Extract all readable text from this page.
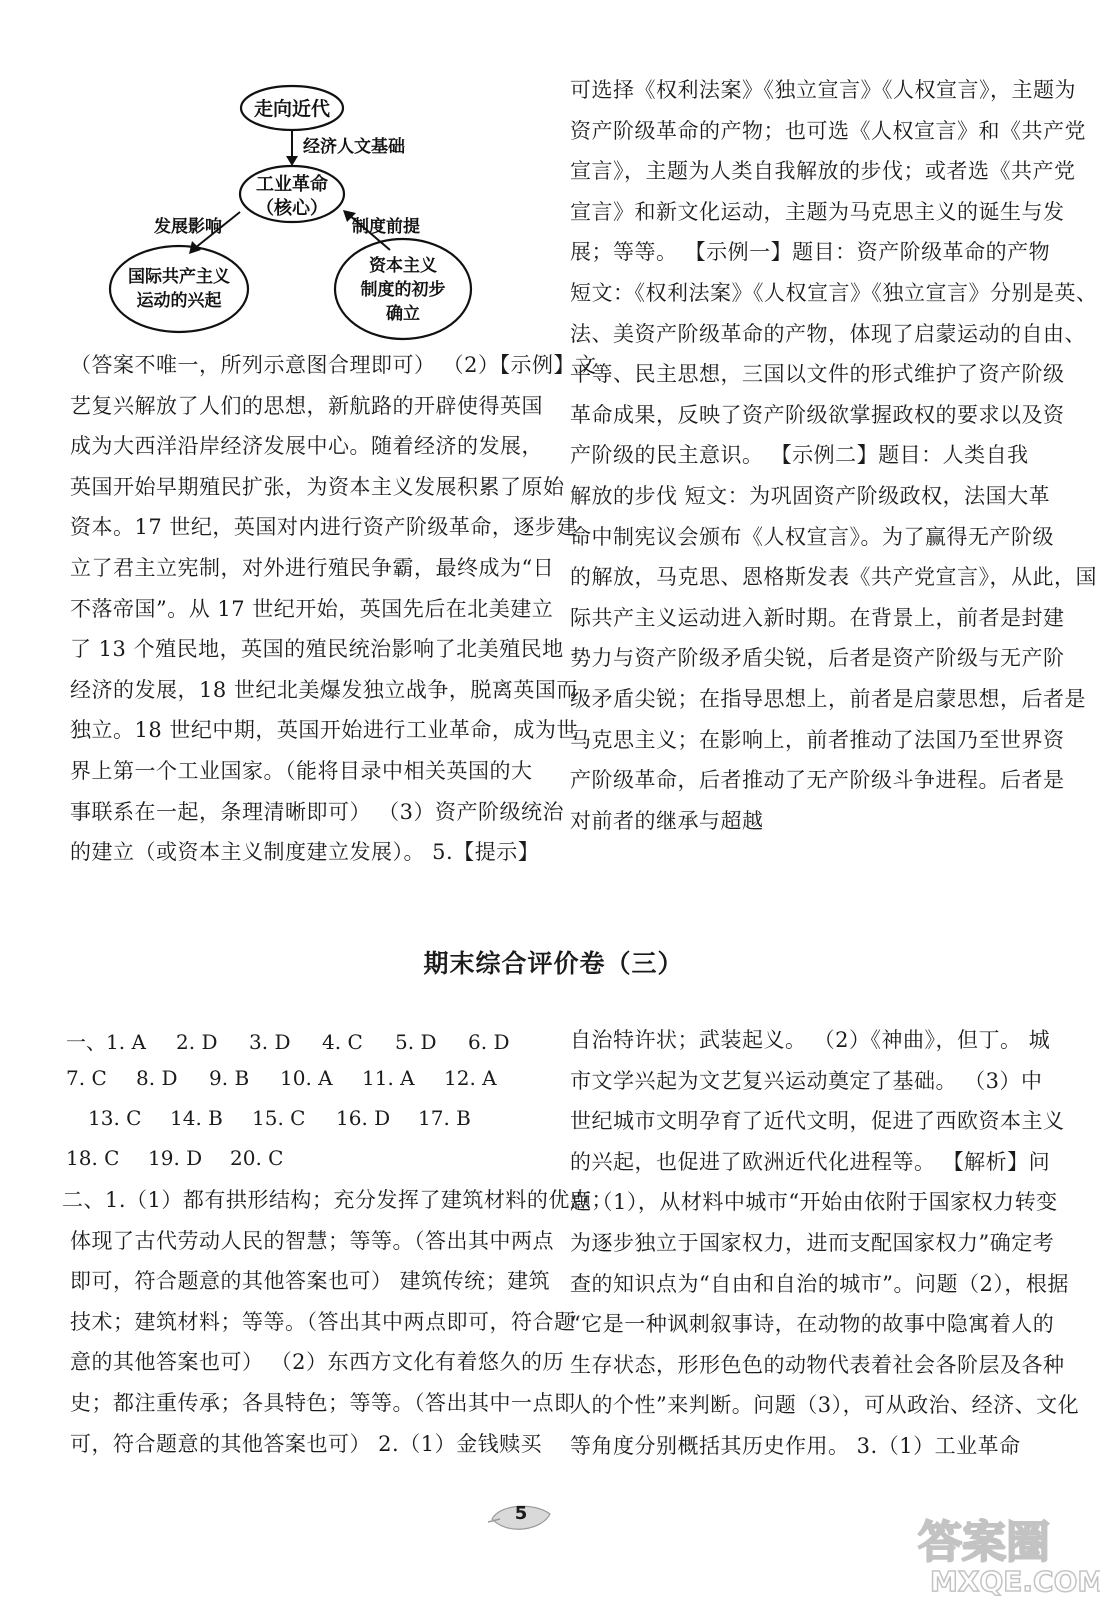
走向近代
经济人文基础
工业革命
（核心）
发展影响	制度前提
国际共产主义
运动的兴起
资本主义
制度的初步
确立

（答案不唯一，所列示意图合理即可） （2）【示例】文

艺复兴解放了人们的思想，新航路的开辟使得英国

成为大西洋沿岸经济发展中心。随着经济的发展，

英国开始早期殖民扩张，为资本主义发展积累了原始

资本。17 世纪，英国对内进行资产阶级革命，逐步建

立了君主立宪制，对外进行殖民争霸，最终成为“日

不落帝国”。从 17 世纪开始，英国先后在北美建立

了 13 个殖民地，英国的殖民统治影响了北美殖民地

经济的发展，18 世纪北美爆发独立战争，脱离英国而

独立。18 世纪中期，英国开始进行工业革命，成为世

界上第一个工业国家。（能将目录中相关英国的大

事联系在一起，条理清晰即可） （3）资产阶级统治

的建立（或资本主义制度建立发展）。 5.【提示】

可选择《权利法案》《独立宣言》《人权宣言》，主题为

资产阶级革命的产物；也可选《人权宣言》和《共产党

宣言》，主题为人类自我解放的步伐；或者选《共产党

宣言》和新文化运动，主题为马克思主义的诞生与发

展；等等。 【示例一】题目：资产阶级革命的产物

短文：《权利法案》《人权宣言》《独立宣言》分别是英、

法、美资产阶级革命的产物，体现了启蒙运动的自由、

平等、民主思想，三国以文件的形式维护了资产阶级

革命成果，反映了资产阶级欲掌握政权的要求以及资

产阶级的民主意识。 【示例二】题目：人类自我

解放的步伐 短文：为巩固资产阶级政权，法国大革

命中制宪议会颁布《人权宣言》。为了赢得无产阶级

的解放，马克思、恩格斯发表《共产党宣言》，从此，国

际共产主义运动进入新时期。在背景上，前者是封建

势力与资产阶级矛盾尖锐，后者是资产阶级与无产阶

级矛盾尖锐；在指导思想上，前者是启蒙思想，后者是

马克思主义；在影响上，前者推动了法国乃至世界资

产阶级革命，后者推动了无产阶级斗争进程。后者是

对前者的继承与超越

期末综合评价卷（三）
一、1. A 2. D 3. D 4. C 5. D 6. D
7. C 8. D 9. B 10. A 11. A 12. A
13. C 14. B 15. C 16. D 17. B
18. C 19. D 20. C

二、1.（1）都有拱形结构；充分发挥了建筑材料的优点；

体现了古代劳动人民的智慧；等等。（答出其中两点

即可，符合题意的其他答案也可） 建筑传统；建筑

技术；建筑材料；等等。（答出其中两点即可，符合题

意的其他答案也可） （2）东西方文化有着悠久的历

史；都注重传承；各具特色；等等。（答出其中一点即

可，符合题意的其他答案也可） 2.（1）金钱赎买

自治特许状；武装起义。 （2）《神曲》，但丁。 城

市文学兴起为文艺复兴运动奠定了基础。 （3）中

世纪城市文明孕育了近代文明，促进了西欧资本主义

的兴起，也促进了欧洲近代化进程等。 【解析】问

题（1），从材料中城市“开始由依附于国家权力转变

为逐步独立于国家权力，进而支配国家权力”确定考

查的知识点为“自由和自治的城市”。问题（2），根据

“它是一种讽刺叙事诗，在动物的故事中隐寓着人的

生存状态，形形色色的动物代表着社会各阶层及各种

人的个性”来判断。问题（3），可从政治、经济、文化

等角度分别概括其历史作用。 3.（1）工业革命

5
答案圈
MXQE.COM
